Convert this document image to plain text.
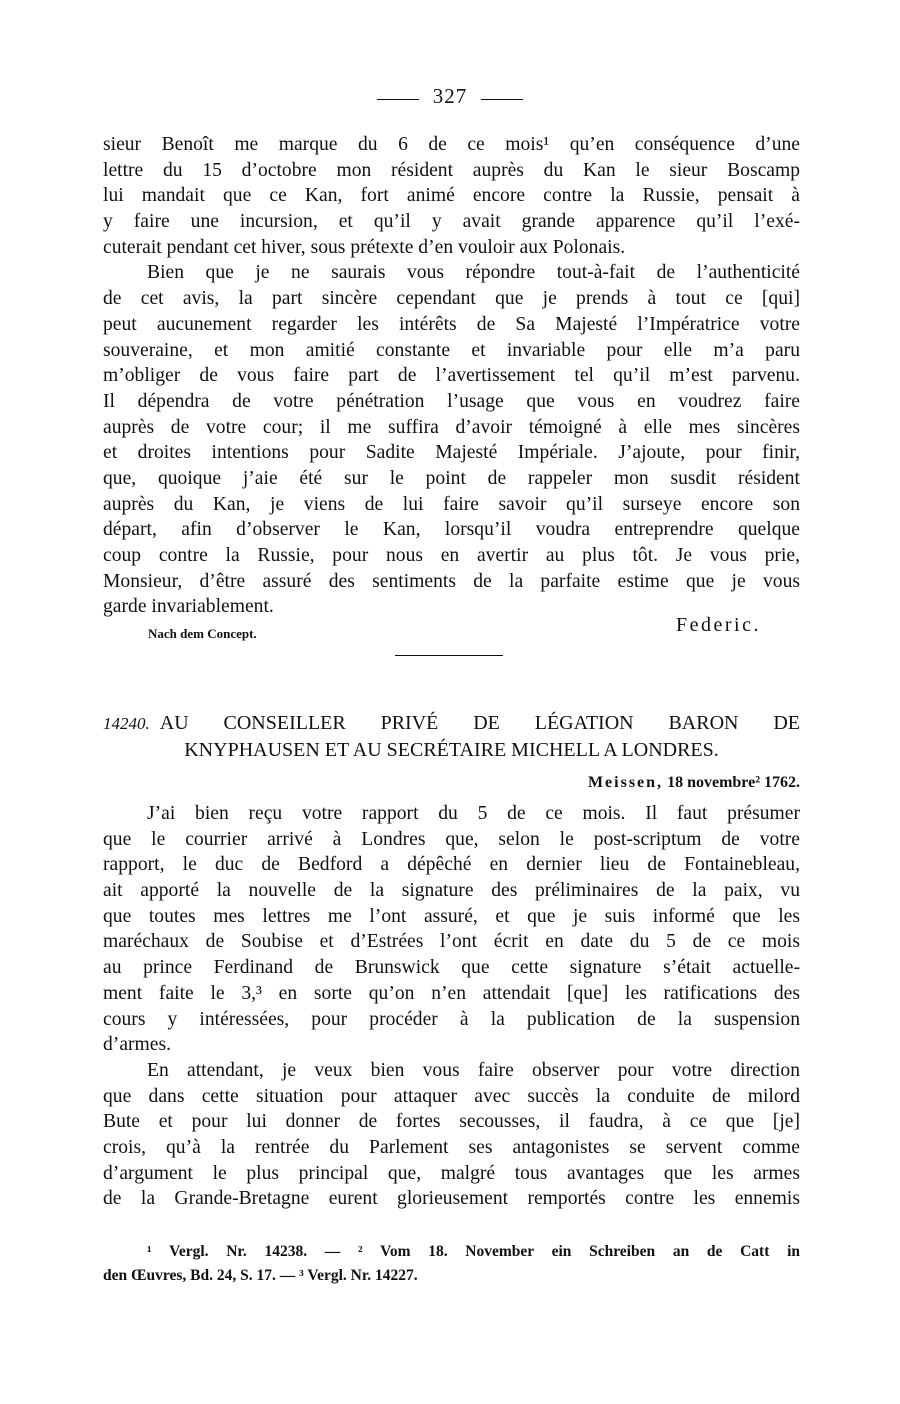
327
sieur Benoît me marque du 6 de ce mois¹ qu’en conséquence d’une
lettre du 15 d’octobre mon résident auprès du Kan le sieur Boscamp
lui mandait que ce Kan, fort animé encore contre la Russie, pensait à
y faire une incursion, et qu’il y avait grande apparence qu’il l’exé-
cuterait pendant cet hiver, sous prétexte d’en vouloir aux Polonais.
Bien que je ne saurais vous répondre tout-à-fait de l’authenticité
de cet avis, la part sincère cependant que je prends à tout ce [qui]
peut aucunement regarder les intérêts de Sa Majesté l’Impératrice votre
souveraine, et mon amitié constante et invariable pour elle m’a paru
m’obliger de vous faire part de l’avertissement tel qu’il m’est parvenu.
Il dépendra de votre pénétration l’usage que vous en voudrez faire
auprès de votre cour; il me suffira d’avoir témoigné à elle mes sincères
et droites intentions pour Sadite Majesté Impériale. J’ajoute, pour finir,
que, quoique j’aie été sur le point de rappeler mon susdit résident
auprès du Kan, je viens de lui faire savoir qu’il surseye encore son
départ, afin d’observer le Kan, lorsqu’il voudra entreprendre quelque
coup contre la Russie, pour nous en avertir au plus tôt. Je vous prie,
Monsieur, d’être assuré des sentiments de la parfaite estime que je vous
garde invariablement.
Nach dem Concept.	Federic.
14240. AU CONSEILLER PRIVÉ DE LÉGATION BARON DE
KNYPHAUSEN ET AU SECRÉTAIRE MICHELL A LONDRES.
Meissen, 18 novembre² 1762.
J’ai bien reçu votre rapport du 5 de ce mois. Il faut présumer
que le courrier arrivé à Londres que, selon le post-scriptum de votre
rapport, le duc de Bedford a dépêché en dernier lieu de Fontainebleau,
ait apporté la nouvelle de la signature des préliminaires de la paix, vu
que toutes mes lettres me l’ont assuré, et que je suis informé que les
maréchaux de Soubise et d’Estrées l’ont écrit en date du 5 de ce mois
au prince Ferdinand de Brunswick que cette signature s’était actuelle-
ment faite le 3,³ en sorte qu’on n’en attendait [que] les ratifications des
cours y intéressées, pour procéder à la publication de la suspension
d’armes.
En attendant, je veux bien vous faire observer pour votre direction
que dans cette situation pour attaquer avec succès la conduite de milord
Bute et pour lui donner de fortes secousses, il faudra, à ce que [je]
crois, qu’à la rentrée du Parlement ses antagonistes se servent comme
d’argument le plus principal que, malgré tous avantages que les armes
de la Grande-Bretagne eurent glorieusement remportés contre les ennemis
¹ Vergl. Nr. 14238. — ² Vom 18. November ein Schreiben an de Catt in
den Œuvres, Bd. 24, S. 17. — ³ Vergl. Nr. 14227.
